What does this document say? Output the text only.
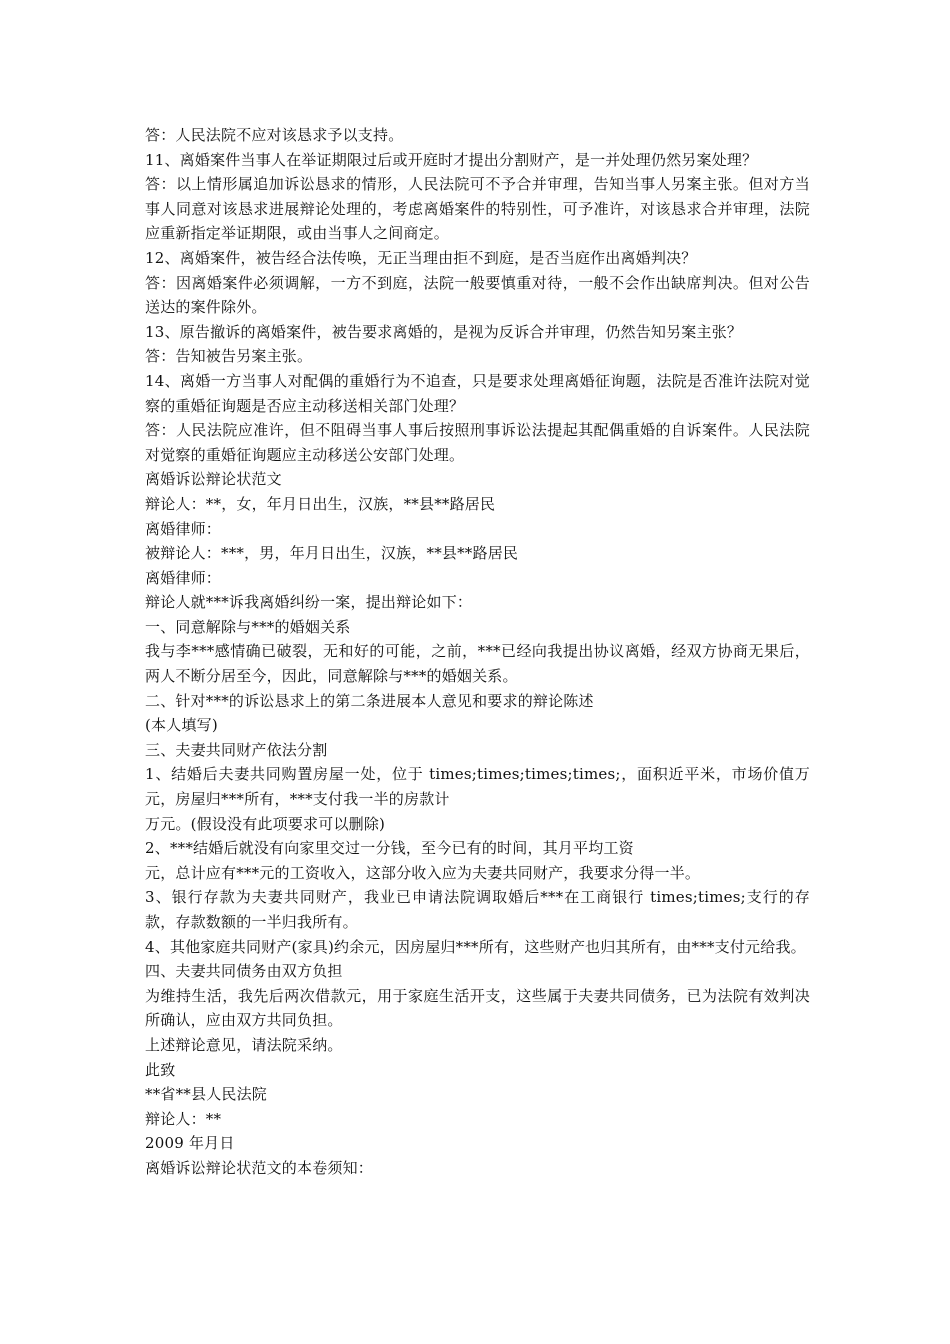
答：人民法院不应对该恳求予以支持。
11、离婚案件当事人在举证期限过后或开庭时才提出分割财产，是一并处理仍然另案处理？
答：以上情形属追加诉讼恳求的情形，人民法院可不予合并审理，告知当事人另案主张。但对方当事人同意对该恳求进展辩论处理的，考虑离婚案件的特别性，可予准许，对该恳求合并审理，法院应重新指定举证期限，或由当事人之间商定。
12、离婚案件，被告经合法传唤，无正当理由拒不到庭，是否当庭作出离婚判决？
答：因离婚案件必须调解，一方不到庭，法院一般要慎重对待，一般不会作出缺席判决。但对公告送达的案件除外。
13、原告撤诉的离婚案件，被告要求离婚的，是视为反诉合并审理，仍然告知另案主张？
答：告知被告另案主张。
14、离婚一方当事人对配偶的重婚行为不追查，只是要求处理离婚征询题，法院是否准许法院对觉察的重婚征询题是否应主动移送相关部门处理？
答：人民法院应准许，但不阻碍当事人事后按照刑事诉讼法提起其配偶重婚的自诉案件。人民法院对觉察的重婚征询题应主动移送公安部门处理。
离婚诉讼辩论状范文
辩论人：**，女，年月日出生，汉族，**县**路居民
离婚律师：
被辩论人：***，男，年月日出生，汉族，**县**路居民
离婚律师：
辩论人就***诉我离婚纠纷一案，提出辩论如下：
一、同意解除与***的婚姻关系
我与李***感情确已破裂，无和好的可能，之前，***已经向我提出协议离婚，经双方协商无果后，两人不断分居至今，因此，同意解除与***的婚姻关系。
二、针对***的诉讼恳求上的第二条进展本人意见和要求的辩论陈述
(本人填写)
三、夫妻共同财产依法分割
1、结婚后夫妻共同购置房屋一处，位于 times;times;times;times;，面积近平米，市场价值万元，房屋归***所有，***支付我一半的房款计
万元。(假设没有此项要求可以删除)
2、***结婚后就没有向家里交过一分钱，至今已有的时间，其月平均工资
元，总计应有***元的工资收入，这部分收入应为夫妻共同财产，我要求分得一半。
3、银行存款为夫妻共同财产，我业已申请法院调取婚后***在工商银行 times;times;支行的存款，存款数额的一半归我所有。
4、其他家庭共同财产(家具)约余元，因房屋归***所有，这些财产也归其所有，由***支付元给我。
四、夫妻共同债务由双方负担
为维持生活，我先后两次借款元，用于家庭生活开支，这些属于夫妻共同债务，已为法院有效判决所确认，应由双方共同负担。
上述辩论意见，请法院采纳。
此致
**省**县人民法院
辩论人：**
2009 年月日
离婚诉讼辩论状范文的本卷须知：
